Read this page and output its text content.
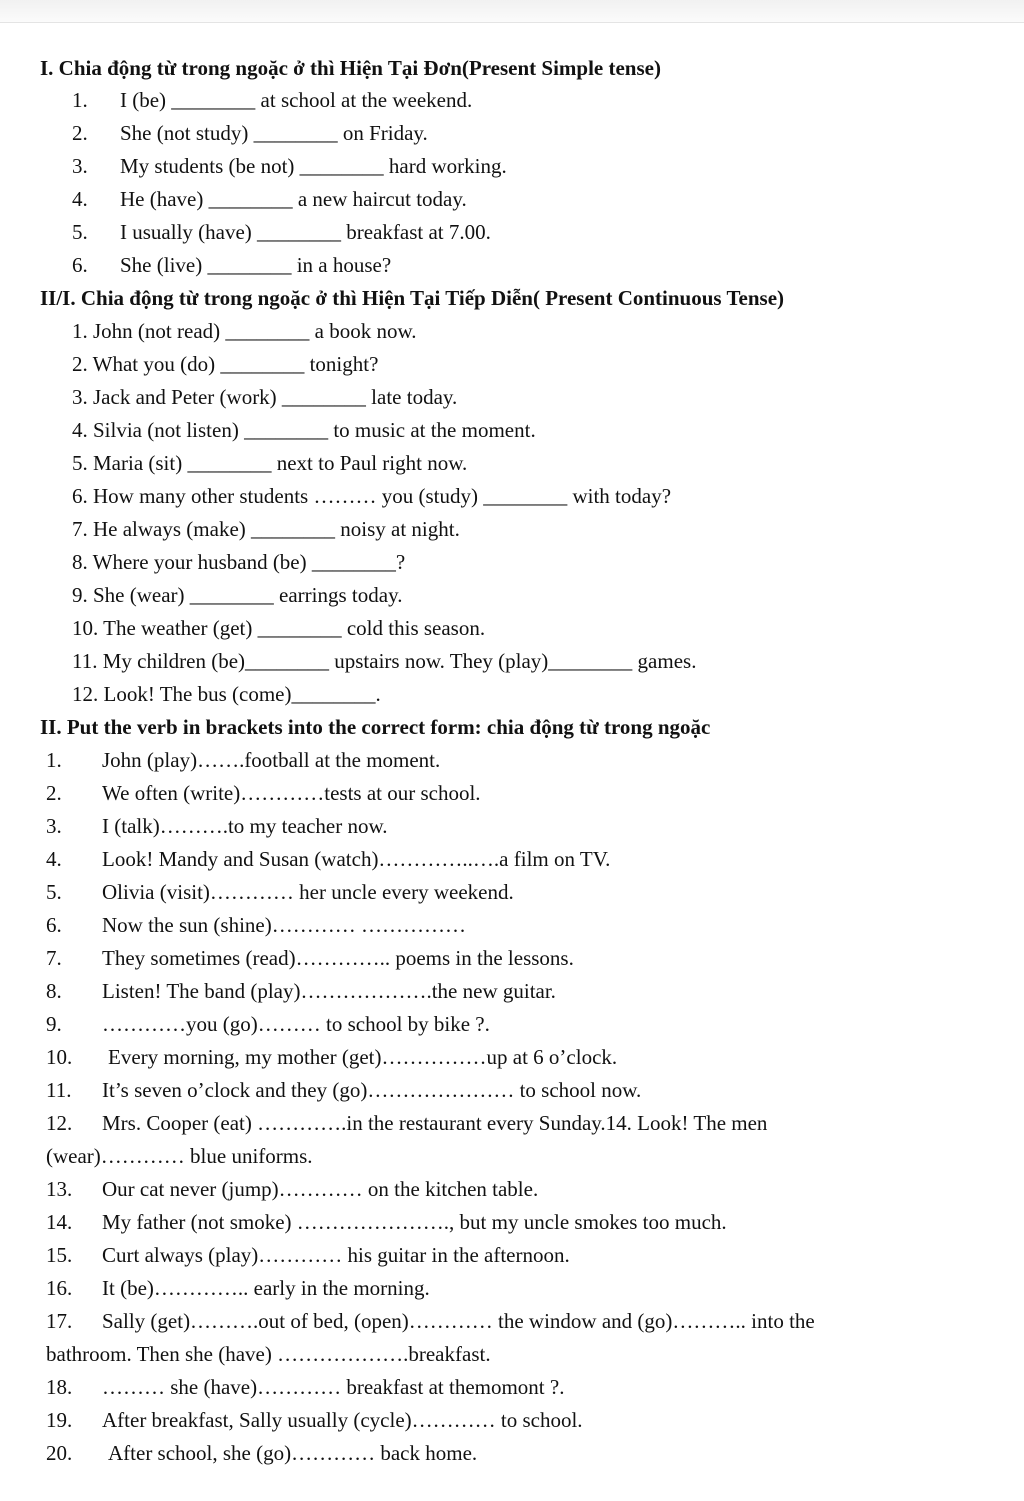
I. Chia động từ trong ngoặc ở thì Hiện Tại Đơn(Present Simple tense)
1. I (be) ________ at school at the weekend.
2. She (not study) ________ on Friday.
3. My students (be not) ________ hard working.
4. He (have) ________ a new haircut today.
5. I usually (have) ________ breakfast at 7.00.
6. She (live) ________ in a house?
II/I. Chia động từ trong ngoặc ở thì Hiện Tại Tiếp Diễn( Present Continuous Tense)
1. John (not read) ________ a book now.
2. What you (do) ________ tonight?
3. Jack and Peter (work) ________ late today.
4. Silvia (not listen) ________ to music at the moment.
5. Maria (sit) ________ next to Paul right now.
6. How many other students ……… you (study) ________ with today?
7. He always (make) ________ noisy at night.
8. Where your husband (be) ________?
9. She (wear) ________ earrings today.
10. The weather (get) ________ cold this season.
11. My children (be)________ upstairs now. They (play)________ games.
12. Look! The bus (come)________.
II. Put the verb in brackets into the correct form: chia động từ trong ngoặc
1. John (play)…….football at the moment.
2. We often (write)…………tests at our school.
3. I (talk)……….to my teacher now.
4. Look! Mandy and Susan (watch)…………..….a film on TV.
5. Olivia (visit)………… her uncle every weekend.
6. Now the sun (shine)………… ……………
7. They sometimes (read)………….. poems in the lessons.
8. Listen! The band (play)……………….the new guitar.
9. …………you (go)……… to school by bike ?.
10. Every morning, my mother (get)……………up at 6 o’clock.
11. It’s seven o’clock and they (go)………………… to school now.
12. Mrs. Cooper (eat) ………….in the restaurant every Sunday.14. Look! The men
(wear)………… blue uniforms.
13. Our cat never (jump)………… on the kitchen table.
14. My father (not smoke) …………………., but my uncle smokes too much.
15. Curt always (play)………… his guitar in the afternoon.
16. It (be)………….. early in the morning.
17. Sally (get)……….out of bed, (open)………… the window and (go)……….. into the
bathroom. Then she (have) ……………….breakfast.
18. ……… she (have)………… breakfast at themomont ?.
19. After breakfast, Sally usually (cycle)………… to school.
20. After school, she (go)………… back home.
